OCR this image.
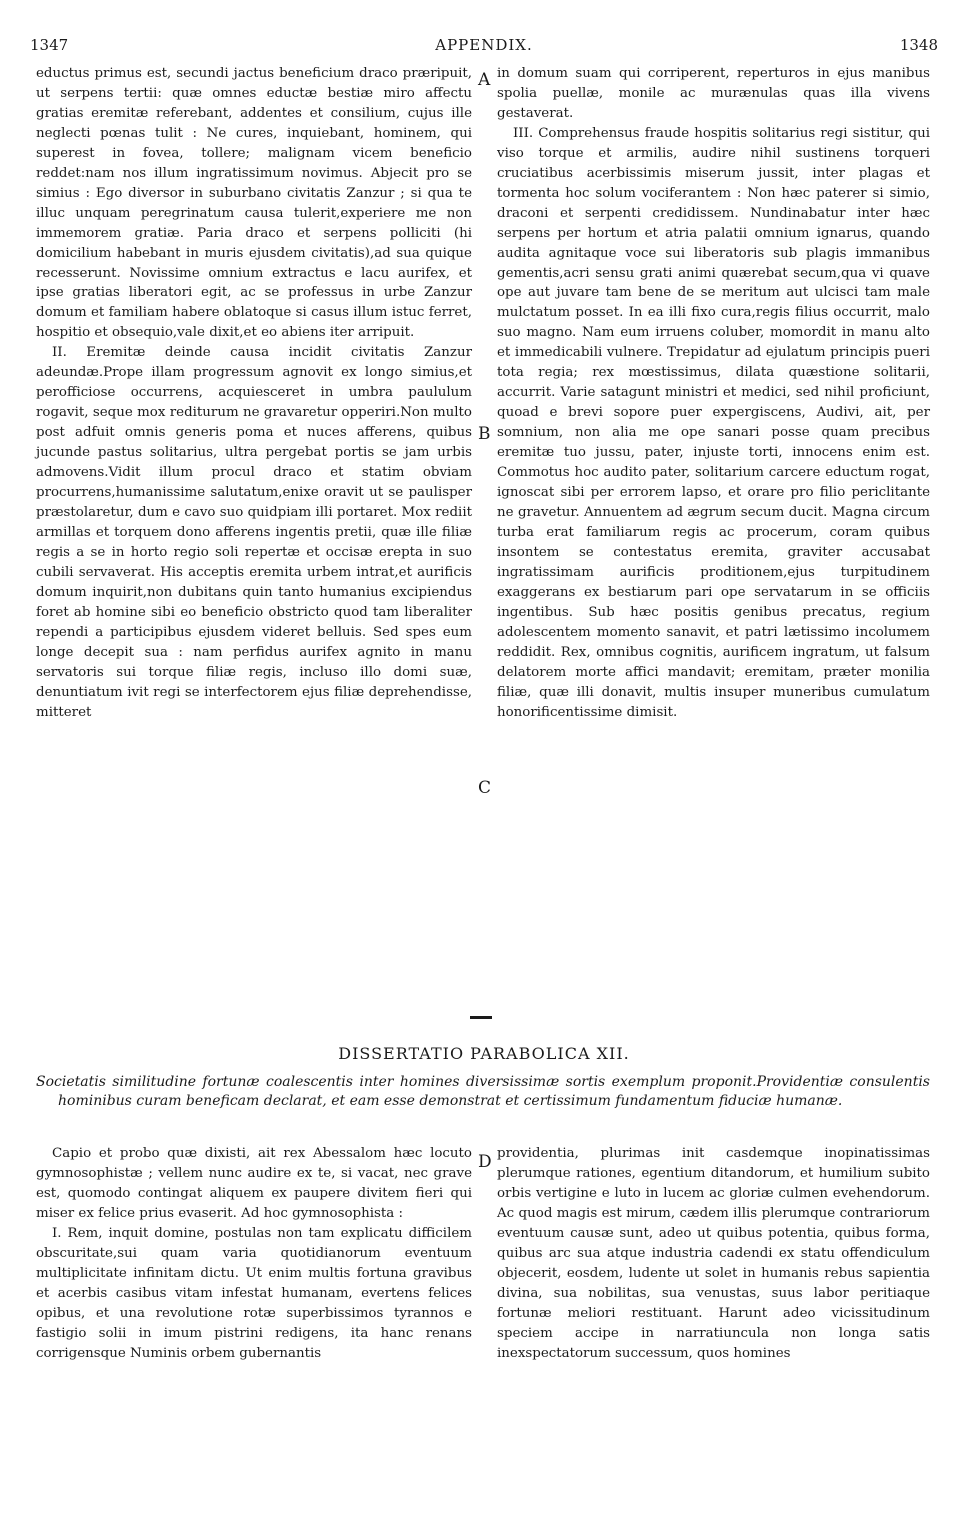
APPENDIX.
1347	1348

eductus primus est, secundi jactus beneficium draco præripuit, ut serpens tertii: quæ omnes eductæ bestiæ miro affectu gratias eremitæ referebant, addentes et consilium, cujus ille neglecti pœnas tulit : Ne cures, inquiebant, hominem, qui superest in fovea, tollere; malignam vicem beneficio reddet:nam nos illum ingratissimum novimus. Abjecit pro se simius : Ego diversor in suburbano civitatis Zanzur ; si qua te illuc unquam peregrinatum causa tulerit,experiere me non immemorem gratiæ. Paria draco et serpens polliciti (hi domicilium habebant in muris ejusdem civitatis),ad sua quique recesserunt. Novissime omnium extractus e lacu aurifex, et ipse gratias liberatori egit, ac se professus in urbe Zanzur domum et familiam habere oblatoque si casus illum istuc ferret, hospitio et obsequio,vale dixit,et eo abiens iter arripuit.

II. Eremitæ deinde causa incidit civitatis Zanzur adeundæ.Prope illam progressum agnovit ex longo simius,et perofficiose occurrens, acquiesceret in umbra paululum rogavit, seque mox rediturum ne gravaretur opperiri.Non multo post adfuit omnis generis poma et nuces afferens, quibus jucunde pastus solitarius, ultra pergebat portis se jam urbis admovens.Vidit illum procul draco et statim obviam procurrens,humanissime salutatum,enixe oravit ut se paulisper præstolaretur, dum e cavo suo quidpiam illi portaret. Mox rediit armillas et torquem dono afferens ingentis pretii, quæ ille filiæ regis a se in horto regio soli repertæ et occisæ erepta in suo cubili servaverat. His acceptis eremita urbem intrat,et aurificis domum inquirit,non dubitans quin tanto humanius excipiendus foret ab homine sibi eo beneficio obstricto quod tam liberaliter rependi a participibus ejusdem videret belluis. Sed spes eum longe decepit sua : nam perfidus aurifex agnito in manu servatoris sui torque filiæ regis, incluso illo domi suæ, denuntiatum ivit regi se interfectorem ejus filiæ deprehendisse, mitteret

in domum suam qui corriperent, reperturos in ejus manibus spolia puellæ, monile ac murænulas quas illa vivens gestaverat.

III. Comprehensus fraude hospitis solitarius regi sistitur, qui viso torque et armilis, audire nihil sustinens torqueri cruciatibus acerbissimis miserum jussit, inter plagas et tormenta hoc solum vociferantem : Non hæc paterer si simio, draconi et serpenti credidissem. Nundinabatur inter hæc serpens per hortum et atria palatii omnium ignarus, quando audita agnitaque voce sui liberatoris sub plagis immanibus gementis,acri sensu grati animi quærebat secum,qua vi quave ope aut juvare tam bene de se meritum aut ulcisci tam male mulctatum posset. In ea illi fixo cura,regis filius occurrit, malo suo magno. Nam eum irruens coluber, momordit in manu alto et immedicabili vulnere. Trepidatur ad ejulatum principis pueri tota regia; rex mœstissimus, dilata quæstione solitarii, accurrit. Varie satagunt ministri et medici, sed nihil proficiunt, quoad e brevi sopore puer expergiscens, Audivi, ait, per somnium, non alia me ope sanari posse quam precibus eremitæ tuo jussu, pater, injuste torti, innocens enim est. Commotus hoc audito pater, solitarium carcere eductum rogat, ignoscat sibi per errorem lapso, et orare pro filio periclitante ne gravetur. Annuentem ad ægrum secum ducit. Magna circum turba erat familiarum regis ac procerum, coram quibus insontem se contestatus eremita, graviter accusabat ingratissimam aurificis proditionem,ejus turpitudinem exaggerans ex bestiarum pari ope servatarum in se officiis ingentibus. Sub hæc positis genibus precatus, regium adolescentem momento sanavit, et patri lætissimo incolumem reddidit. Rex, omnibus cognitis, aurificem ingratum, ut falsum delatorem morte affici mandavit; eremitam, præter monilia filiæ, quæ illi donavit, multis insuper muneribus cumulatum honorificentissime dimisit.

A
B
C
D
DISSERTATIO PARABOLICA XII.
Societatis similitudine fortunæ coalescentis inter homines diversissimæ sortis exemplum proponit.Providentiæ consulentis hominibus curam beneficam declarat, et eam esse demonstrat et certissimum fundamentum fiduciæ humanæ.

Capio et probo quæ dixisti, ait rex Abessalom hæc locuto gymnosophistæ ; vellem nunc audire ex te, si vacat, nec grave est, quomodo contingat aliquem ex paupere divitem fieri qui miser ex felice prius evaserit. Ad hoc gymnosophista :

I. Rem, inquit domine, postulas non tam explicatu difficilem obscuritate,sui quam varia quotidianorum eventuum multiplicitate infinitam dictu. Ut enim multis fortuna gravibus et acerbis casibus vitam infestat humanam, evertens felices opibus, et una revolutione rotæ superbissimos tyrannos e fastigio solii in imum pistrini redigens, ita hanc renans corrigensque Numinis orbem gubernantis

providentia, plurimas init casdemque inopinatissimas plerumque rationes, egentium ditandorum, et humilium subito orbis vertigine e luto in lucem ac gloriæ culmen evehendorum. Ac quod magis est mirum, cædem illis plerumque contrariorum eventuum causæ sunt, adeo ut quibus potentia, quibus forma, quibus arc sua atque industria cadendi ex statu offendiculum objecerit, eosdem, ludente ut solet in humanis rebus sapientia divina, sua nobilitas, sua venustas, suus labor peritiaque fortunæ meliori restituant. Harunt adeo vicissitudinum speciem accipe in narratiuncula non longa satis inexspectatorum successum, quos homines
